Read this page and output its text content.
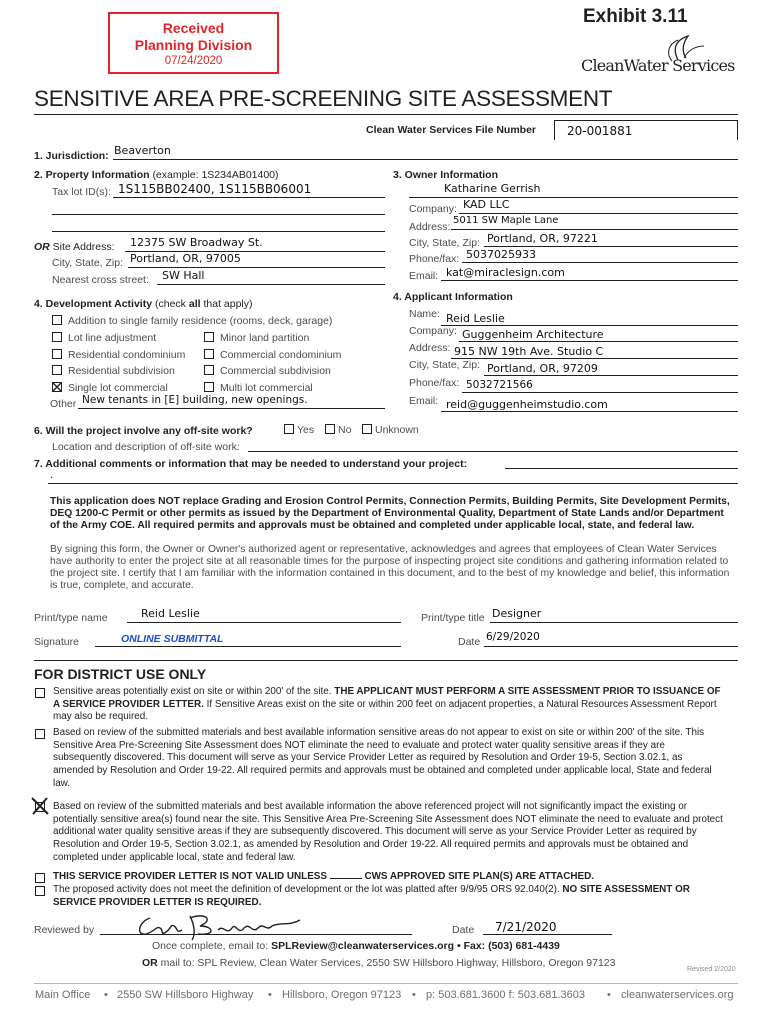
Received
Planning Division
07/24/2020
Exhibit 3.11
CleanWater Services
SENSITIVE AREA PRE-SCREENING SITE ASSESSMENT
Clean Water Services File Number	20-001881
1. Jurisdiction: Beaverton
2. Property Information (example: 1S234AB01400)
Tax lot ID(s): 1S115BB02400, 1S115BB06001
OR Site Address: 12375 SW Broadway St.
City, State, Zip: Portland, OR, 97005
Nearest cross street: SW Hall
3. Owner Information
Katharine Gerrish
Company: KAD LLC
Address:
5011 SW Maple Lane
City, State, Zip: Portland, OR, 97221
Phone/fax: 5037025933
Email: kat@miraclesign.com
4. Development Activity (check all that apply)
Addition to single family residence (rooms, deck, garage)
Lot line adjustment	Minor land partition
Residential condominium	Commercial condominium
Residential subdivision	Commercial subdivision
Single lot commercial	Multi lot commercial
Other New tenants in [E] building, new openings.
4. Applicant Information
Name: Reid Leslie
Company: Guggenheim Architecture
Address: 915 NW 19th Ave. Studio C
City, State, Zip: Portland, OR, 97209
Phone/fax: 5032721566
Email: reid@guggenheimstudio.com
6. Will the project involve any off-site work?	Yes	No	Unknown
Location and description of off-site work:
7. Additional comments or information that may be needed to understand your project:
.
This application does NOT replace Grading and Erosion Control Permits, Connection Permits, Building Permits, Site Development Permits, DEQ 1200-C Permit or other permits as issued by the Department of Environmental Quality, Department of State Lands and/or Department of the Army COE. All required permits and approvals must be obtained and completed under applicable local, state, and federal law.
By signing this form, the Owner or Owner's authorized agent or representative, acknowledges and agrees that employees of Clean Water Services have authority to enter the project site at all reasonable times for the purpose of inspecting project site conditions and gathering information related to the project site. I certify that I am familiar with the information contained in this document, and to the best of my knowledge and belief, this information is true, complete, and accurate.
Print/type name	Reid Leslie	Print/type title Designer
Signature	ONLINE SUBMITTAL	Date 6/29/2020
FOR DISTRICT USE ONLY
Sensitive areas potentially exist on site or within 200' of the site. THE APPLICANT MUST PERFORM A SITE ASSESSMENT PRIOR TO ISSUANCE OF A SERVICE PROVIDER LETTER. If Sensitive Areas exist on the site or within 200 feet on adjacent properties, a Natural Resources Assessment Report may also be required.
Based on review of the submitted materials and best available information sensitive areas do not appear to exist on site or within 200' of the site. This Sensitive Area Pre-Screening Site Assessment does NOT eliminate the need to evaluate and protect water quality sensitive areas if they are subsequently discovered. This document will serve as your Service Provider Letter as required by Resolution and Order 19-5, Section 3.02.1, as amended by Resolution and Order 19-22. All required permits and approvals must be obtained and completed under applicable local, State and federal law.
Based on review of the submitted materials and best available information the above referenced project will not significantly impact the existing or potentially sensitive area(s) found near the site. This Sensitive Area Pre-Screening Site Assessment does NOT eliminate the need to evaluate and protect additional water quality sensitive areas if they are subsequently discovered. This document will serve as your Service Provider Letter as required by Resolution and Order 19-5, Section 3.02.1, as amended by Resolution and Order 19-22. All required permits and approvals must be obtained and completed under applicable local, state and federal law.
THIS SERVICE PROVIDER LETTER IS NOT VALID UNLESS	CWS APPROVED SITE PLAN(S) ARE ATTACHED.
The proposed activity does not meet the definition of development or the lot was platted after 9/9/95 ORS 92.040(2). NO SITE ASSESSMENT OR SERVICE PROVIDER LETTER IS REQUIRED.
Reviewed by	Date 7/21/2020
Once complete, email to: SPLReview@cleanwaterservices.org • Fax: (503) 681-4439
OR mail to: SPL Review, Clean Water Services, 2550 SW Hillsboro Highway, Hillsboro, Oregon 97123
Revised 2/2020
Main Office • 2550 SW Hillsboro Highway • Hillsboro, Oregon 97123 • p: 503.681.3600 f: 503.681.3603 • cleanwaterservices.org
